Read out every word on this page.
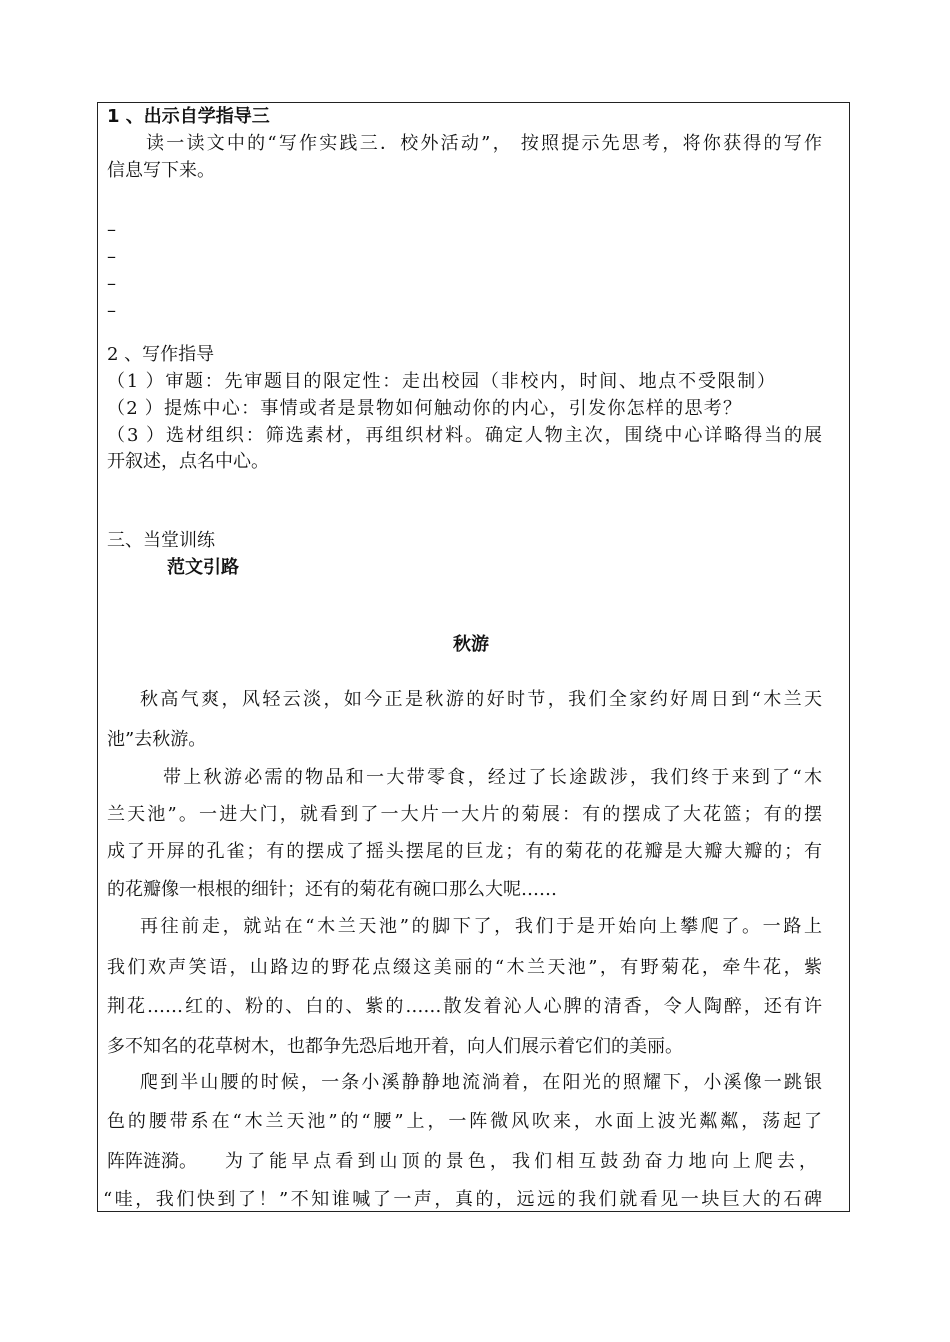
1 、出示自学指导三
读一读文中的“写作实践三．校外活动”， 按照提示先思考，将你获得的写作
信息写下来。
–
–
–
–
2 、写作指导
（1 ）审题：先审题目的限定性：走出校园（非校内，时间、地点不受限制）
（2 ）提炼中心：事情或者是景物如何触动你的内心，引发你怎样的思考？
（3 ）选材组织：筛选素材，再组织材料。确定人物主次，围绕中心详略得当的展
开叙述，点名中心。
三、当堂训练
范文引路
秋游
秋高气爽，风轻云淡，如今正是秋游的好时节，我们全家约好周日到“木兰天
池”去秋游。
带上秋游必需的物品和一大带零食，经过了长途跋涉，我们终于来到了“木
兰天池”。一进大门，就看到了一大片一大片的菊展：有的摆成了大花篮；有的摆
成了开屏的孔雀；有的摆成了摇头摆尾的巨龙；有的菊花的花瓣是大瓣大瓣的；有
的花瓣像一根根的细针；还有的菊花有碗口那么大呢……
再往前走，就站在“木兰天池”的脚下了，我们于是开始向上攀爬了。一路上
我们欢声笑语，山路边的野花点缀这美丽的“木兰天池”，有野菊花，牵牛花，紫
荆花……红的、粉的、白的、紫的……散发着沁人心脾的清香，令人陶醉，还有许
多不知名的花草树木，也都争先恐后地开着，向人们展示着它们的美丽。
爬到半山腰的时候，一条小溪静静地流淌着，在阳光的照耀下，小溪像一跳银
色的腰带系在“木兰天池”的“腰”上，一阵微风吹来，水面上波光粼粼，荡起了
阵阵涟漪。 为了能早点看到山顶的景色，我们相互鼓劲奋力地向上爬去，
“哇，我们快到了！”不知谁喊了一声，真的，远远的我们就看见一块巨大的石碑
